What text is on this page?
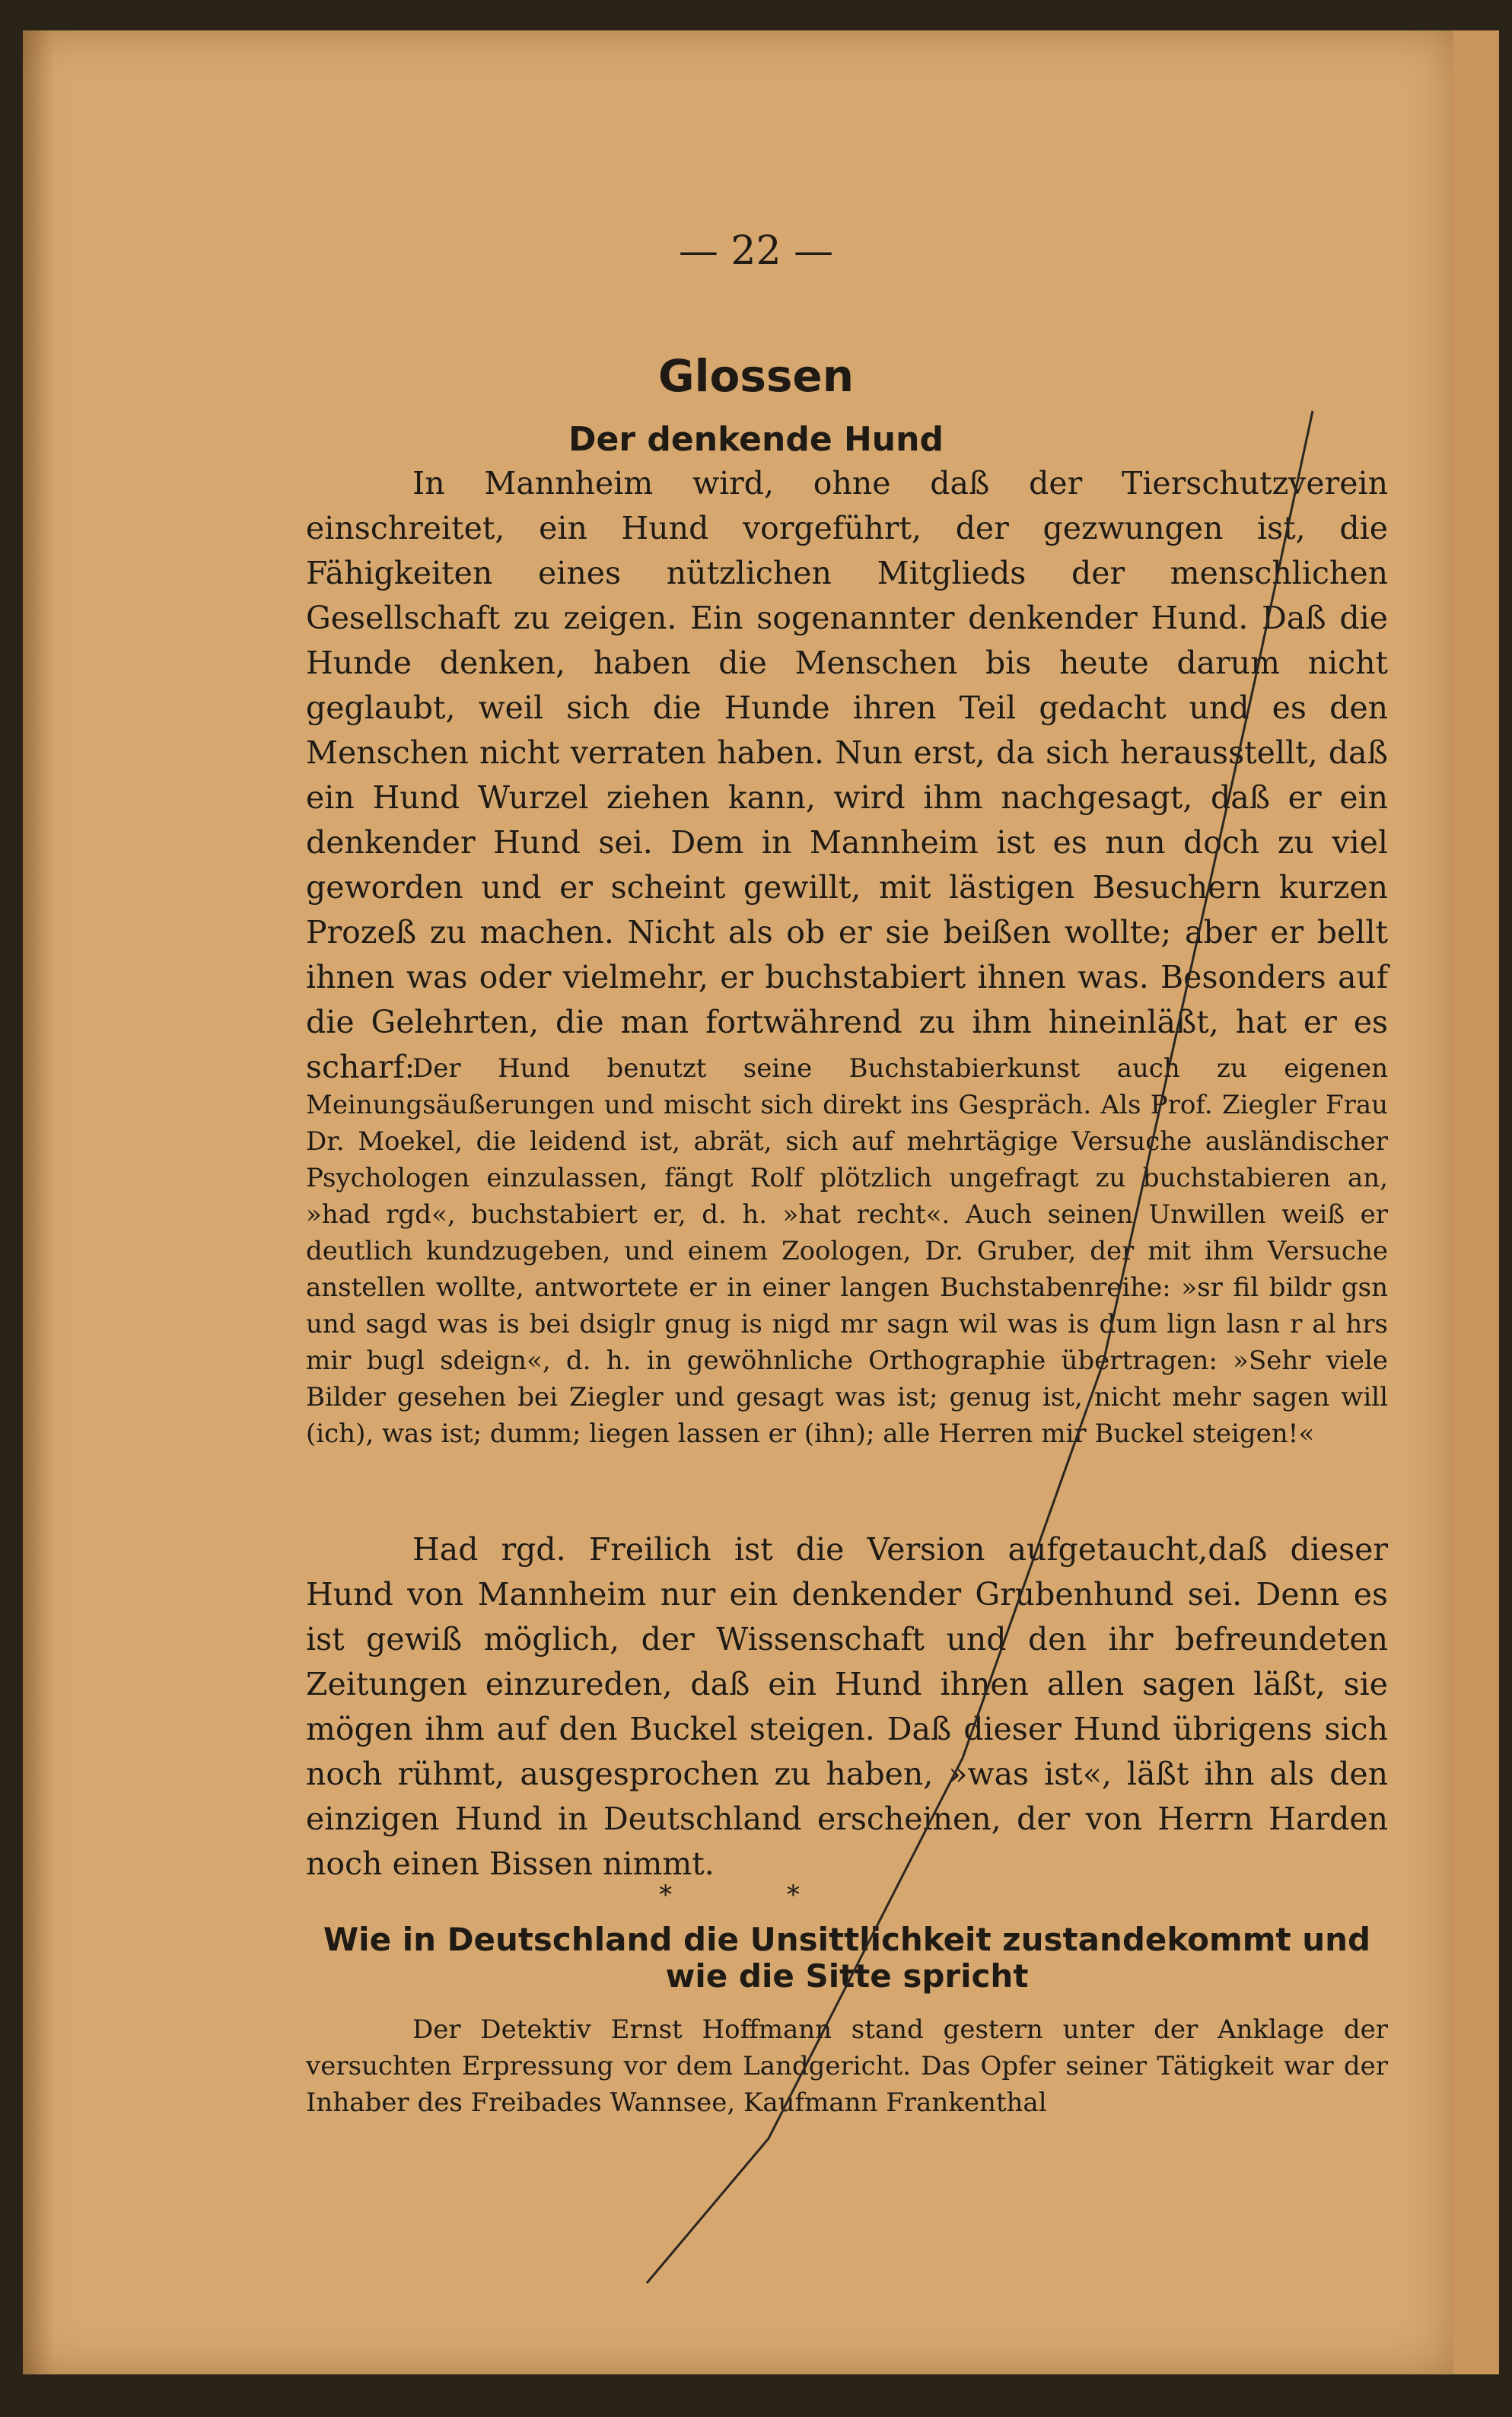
— 22 —
Glossen
Der denkende Hund

In Mannheim wird, ohne daß der Tierschutzverein einschreitet, ein Hund vorgeführt, der gezwungen ist, die Fähigkeiten eines nützlichen Mitglieds der menschlichen Gesellschaft zu zeigen. Ein sogenannter denkender Hund. Daß die Hunde denken, haben die Menschen bis heute darum nicht geglaubt, weil sich die Hunde ihren Teil gedacht und es den Menschen nicht verraten haben. Nun erst, da sich herausstellt, daß ein Hund Wurzel ziehen kann, wird ihm nachgesagt, daß er ein denkender Hund sei. Dem in Mannheim ist es nun doch zu viel geworden und er scheint gewillt, mit lästigen Besuchern kurzen Prozeß zu machen. Nicht als ob er sie beißen wollte; aber er bellt ihnen was oder vielmehr, er buchstabiert ihnen was. Besonders auf die Gelehrten, die man fortwährend zu ihm hineinläßt, hat er es scharf:

Der Hund benutzt seine Buchstabierkunst auch zu eigenen Meinungsäußerungen und mischt sich direkt ins Gespräch. Als Prof. Ziegler Frau Dr. Moekel, die leidend ist, abrät, sich auf mehrtägige Versuche ausländischer Psychologen einzulassen, fängt Rolf plötzlich ungefragt zu buchstabieren an, »had rgd«, buchstabiert er, d. h. »hat recht«. Auch seinen Unwillen weiß er deutlich kundzugeben, und einem Zoologen, Dr. Gruber, der mit ihm Versuche anstellen wollte, antwortete er in einer langen Buchstabenreihe: »sr fil bildr gsn und sagd was is bei dsiglr gnug is nigd mr sagn wil was is dum lign lasn r al hrs mir bugl sdeign«, d. h. in gewöhnliche Orthographie übertragen: »Sehr viele Bilder gesehen bei Ziegler und gesagt was ist; genug ist, nicht mehr sagen will (ich), was ist; dumm; liegen lassen er (ihn); alle Herren mir Buckel steigen!«

Had rgd. Freilich ist die Version aufgetaucht,daß dieser Hund von Mannheim nur ein denkender Grubenhund sei. Denn es ist gewiß möglich, der Wissenschaft und den ihr befreundeten Zeitungen einzureden, daß ein Hund ihnen allen sagen läßt, sie mögen ihm auf den Buckel steigen. Daß dieser Hund übrigens sich noch rühmt, ausgesprochen zu haben, »was ist«, läßt ihn als den einzigen Hund in Deutschland erscheinen, der von Herrn Harden noch einen Bissen nimmt.

* *
Wie in Deutschland die Unsittlichkeit zustandekommt und wie die Sitte spricht

Der Detektiv Ernst Hoffmann stand gestern unter der Anklage der versuchten Erpressung vor dem Landgericht. Das Opfer seiner Tätigkeit war der Inhaber des Freibades Wannsee, Kaufmann Frankenthal
